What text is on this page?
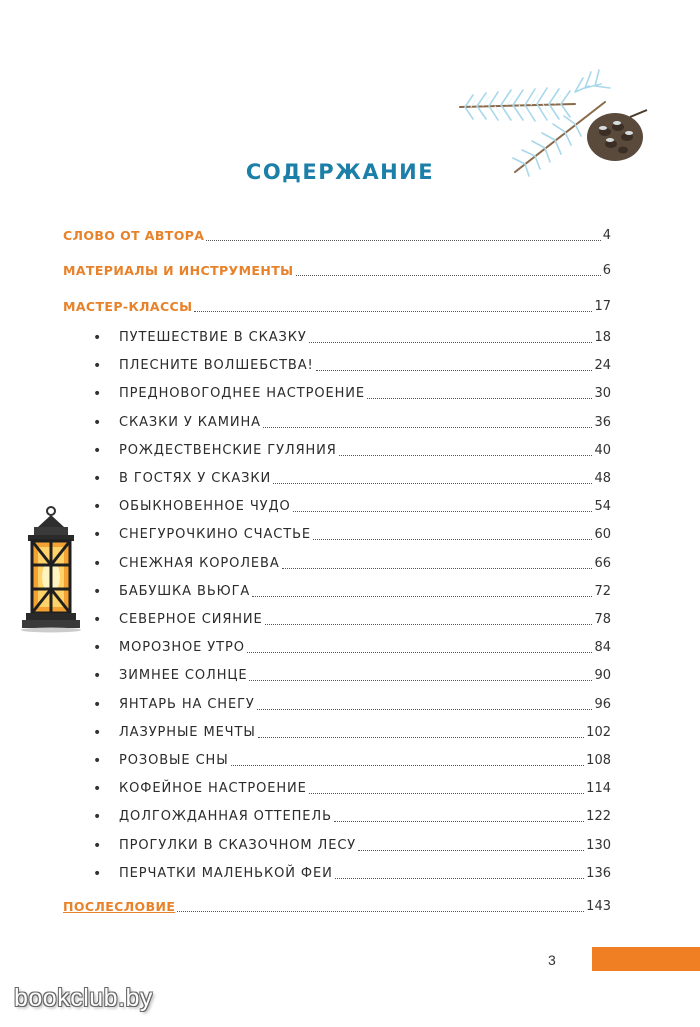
СОДЕРЖАНИЕ
СЛОВО ОТ АВТОРА	4
МАТЕРИАЛЫ И ИНСТРУМЕНТЫ	6
МАСТЕР-КЛАССЫ	17
•	ПУТЕШЕСТВИЕ В СКАЗКУ	18
•	ПЛЕСНИТЕ ВОЛШЕБСТВА!	24
•	ПРЕДНОВОГОДНЕЕ НАСТРОЕНИЕ	30
•	СКАЗКИ У КАМИНА	36
•	РОЖДЕСТВЕНСКИЕ ГУЛЯНИЯ	40
•	В ГОСТЯХ У СКАЗКИ	48
•	ОБЫКНОВЕННОЕ ЧУДО	54
•	СНЕГУРОЧКИНО СЧАСТЬЕ	60
•	СНЕЖНАЯ КОРОЛЕВА	66
•	БАБУШКА ВЬЮГА	72
•	СЕВЕРНОЕ СИЯНИЕ	78
•	МОРОЗНОЕ УТРО	84
•	ЗИМНЕЕ СОЛНЦЕ	90
•	ЯНТАРЬ НА СНЕГУ	96
•	ЛАЗУРНЫЕ МЕЧТЫ	102
•	РОЗОВЫЕ СНЫ	108
•	КОФЕЙНОЕ НАСТРОЕНИЕ	114
•	ДОЛГОЖДАННАЯ ОТТЕПЕЛЬ	122
•	ПРОГУЛКИ В СКАЗОЧНОМ ЛЕСУ	130
•	ПЕРЧАТКИ МАЛЕНЬКОЙ ФЕИ	136
ПОСЛЕСЛОВИЕ	143
3
bookclub.by
